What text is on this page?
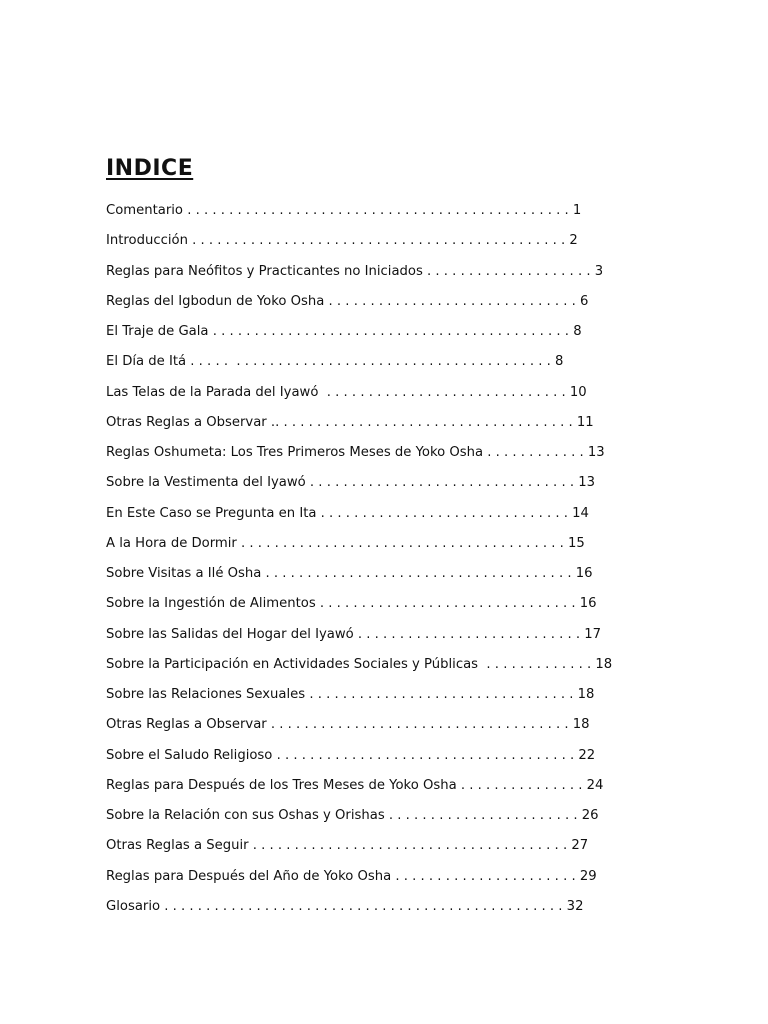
INDICE
Comentario . . . . . . . . . . . . . . . . . . . . . . . . . . . . . . . . . . . . . . . . . . . . . . 1
Introducción . . . . . . . . . . . . . . . . . . . . . . . . . . . . . . . . . . . . . . . . . . . . . 2
Reglas para Neófitos y Practicantes no Iniciados . . . . . . . . . . . . . . . . . . . . 3
Reglas del Igbodun de Yoko Osha . . . . . . . . . . . . . . . . . . . . . . . . . . . . . . 6
El Traje de Gala . . . . . . . . . . . . . . . . . . . . . . . . . . . . . . . . . . . . . . . . . . . 8
El Día de Itá . . . . .  . . . . . . . . . . . . . . . . . . . . . . . . . . . . . . . . . . . . . . 8
Las Telas de la Parada del Iyawó  . . . . . . . . . . . . . . . . . . . . . . . . . . . . . 10
Otras Reglas a Observar .. . . . . . . . . . . . . . . . . . . . . . . . . . . . . . . . . . . . 11
Reglas Oshumeta: Los Tres Primeros Meses de Yoko Osha . . . . . . . . . . . . 13
Sobre la Vestimenta del Iyawó . . . . . . . . . . . . . . . . . . . . . . . . . . . . . . . . 13
En Este Caso se Pregunta en Ita . . . . . . . . . . . . . . . . . . . . . . . . . . . . . . 14
A la Hora de Dormir . . . . . . . . . . . . . . . . . . . . . . . . . . . . . . . . . . . . . . . 15
Sobre Visitas a Ilé Osha . . . . . . . . . . . . . . . . . . . . . . . . . . . . . . . . . . . . . 16
Sobre la Ingestión de Alimentos . . . . . . . . . . . . . . . . . . . . . . . . . . . . . . . 16
Sobre las Salidas del Hogar del Iyawó . . . . . . . . . . . . . . . . . . . . . . . . . . . 17
Sobre la Participación en Actividades Sociales y Públicas  . . . . . . . . . . . . . 18
Sobre las Relaciones Sexuales . . . . . . . . . . . . . . . . . . . . . . . . . . . . . . . . 18
Otras Reglas a Observar . . . . . . . . . . . . . . . . . . . . . . . . . . . . . . . . . . . . 18
Sobre el Saludo Religioso . . . . . . . . . . . . . . . . . . . . . . . . . . . . . . . . . . . . 22
Reglas para Después de los Tres Meses de Yoko Osha . . . . . . . . . . . . . . . 24
Sobre la Relación con sus Oshas y Orishas . . . . . . . . . . . . . . . . . . . . . . . 26
Otras Reglas a Seguir . . . . . . . . . . . . . . . . . . . . . . . . . . . . . . . . . . . . . . 27
Reglas para Después del Año de Yoko Osha . . . . . . . . . . . . . . . . . . . . . . 29
Glosario . . . . . . . . . . . . . . . . . . . . . . . . . . . . . . . . . . . . . . . . . . . . . . . . 32
